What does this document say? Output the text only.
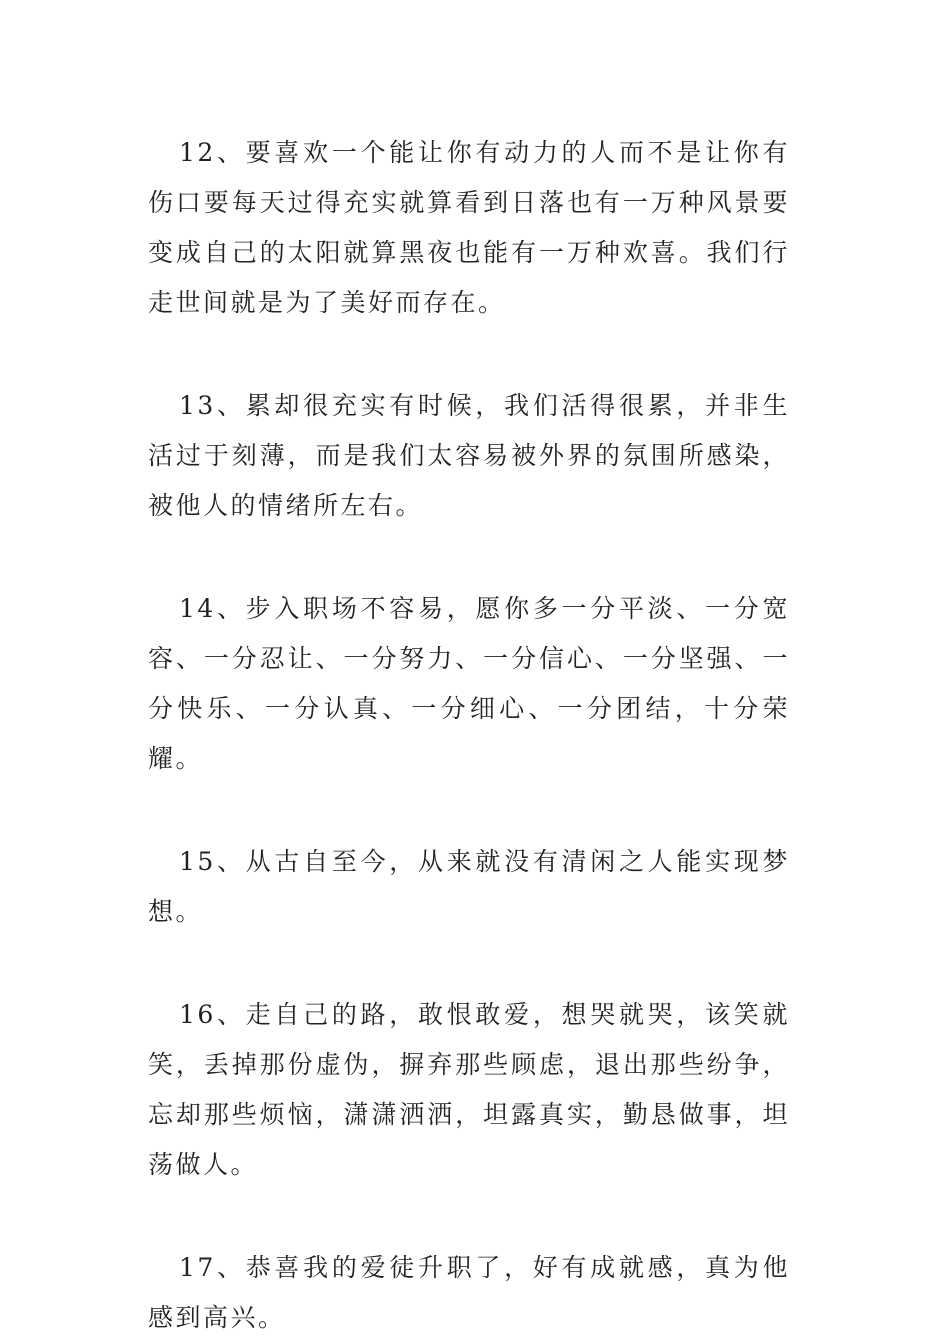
12、要喜欢一个能让你有动力的人而不是让你有伤口要每天过得充实就算看到日落也有一万种风景要变成自己的太阳就算黑夜也能有一万种欢喜。我们行走世间就是为了美好而存在。

13、累却很充实有时候，我们活得很累，并非生活过于刻薄，而是我们太容易被外界的氛围所感染，被他人的情绪所左右。

14、步入职场不容易，愿你多一分平淡、一分宽容、一分忍让、一分努力、一分信心、一分坚强、一分快乐、一分认真、一分细心、一分团结，十分荣耀。

15、从古自至今，从来就没有清闲之人能实现梦想。

16、走自己的路，敢恨敢爱，想哭就哭，该笑就笑，丢掉那份虚伪，摒弃那些顾虑，退出那些纷争，忘却那些烦恼，潇潇洒洒，坦露真实，勤恳做事，坦荡做人。

17、恭喜我的爱徒升职了，好有成就感，真为他感到高兴。
